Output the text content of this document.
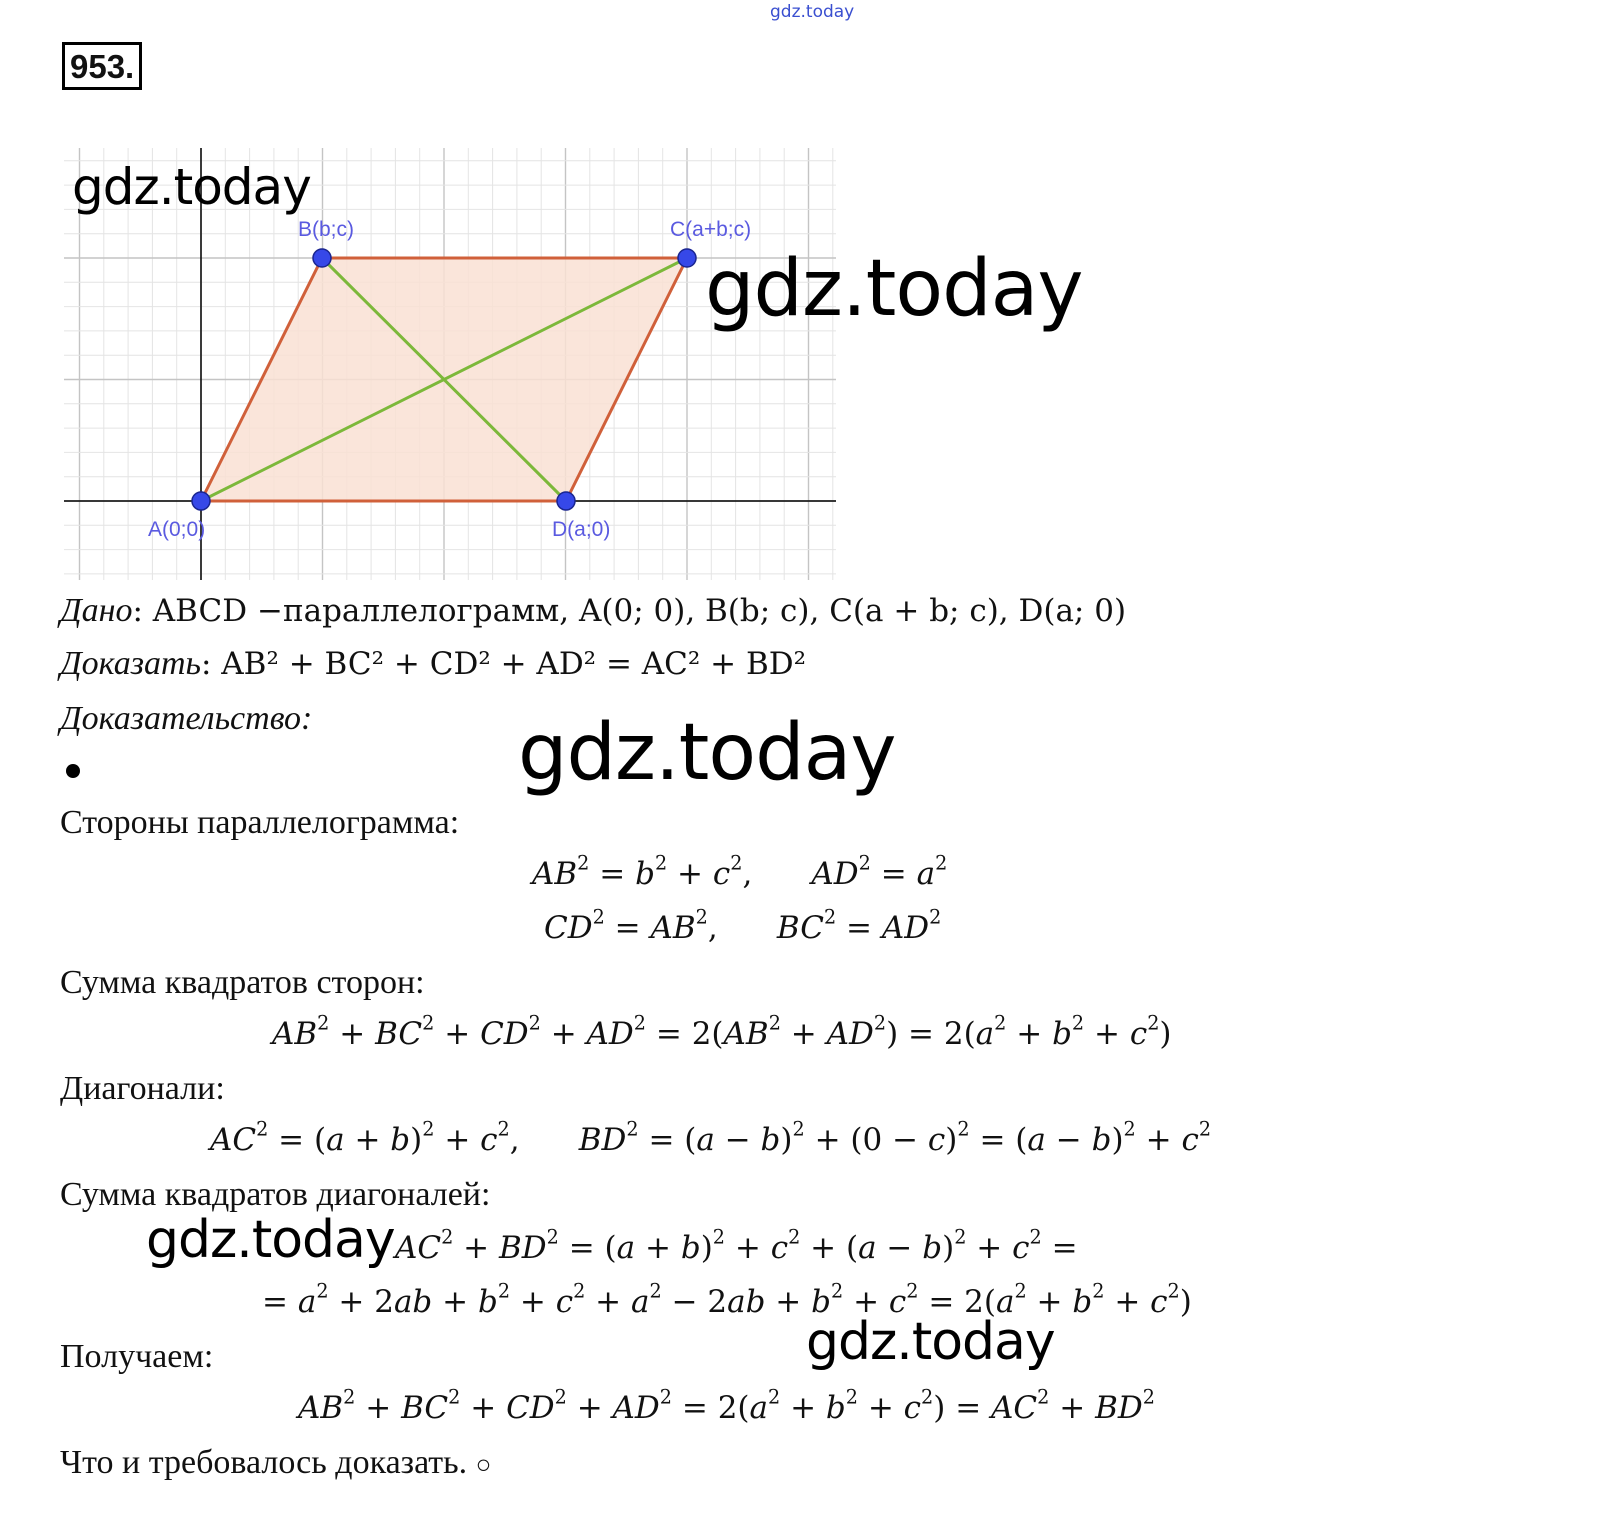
gdz.today
953.
A(0;0)
B(b;c)	C(a+b;c)
D(a;0)
gdz.today
gdz.today
gdz.today
gdz.today
gdz.today
Дано: ABCD −параллелограмм, A(0; 0), B(b; c), C(a + b; c), D(a; 0)
Доказать: AB² + BC² + CD² + AD² = AC² + BD²
Доказательство:
Стороны параллелограмма:
$AB^2 = b^2 + c^2$,      $AD^2 = a^2$
$CD^2 = AB^2$,      $BC^2 = AD^2$
Сумма квадратов сторон:
$AB^2 + BC^2 + CD^2 + AD^2 = 2(AB^2 + AD^2) = 2(a^2 + b^2 + c^2)$
Диагонали:
$AC^2 = (a + b)^2 + c^2$,      $BD^2 = (a - b)^2 + (0 - c)^2 = (a - b)^2 + c^2$
Сумма квадратов диагоналей:
$AC^2 + BD^2 = (a + b)^2 + c^2 + (a - b)^2 + c^2$ =
= $a^2 + 2ab + b^2 + c^2 + a^2 - 2ab + b^2 + c^2 = 2(a^2 + b^2 + c^2)$
Получаем:
$AB^2 + BC^2 + CD^2 + AD^2 = 2(a^2 + b^2 + c^2) = AC^2 + BD^2$
Что и требовалось доказать. ○
